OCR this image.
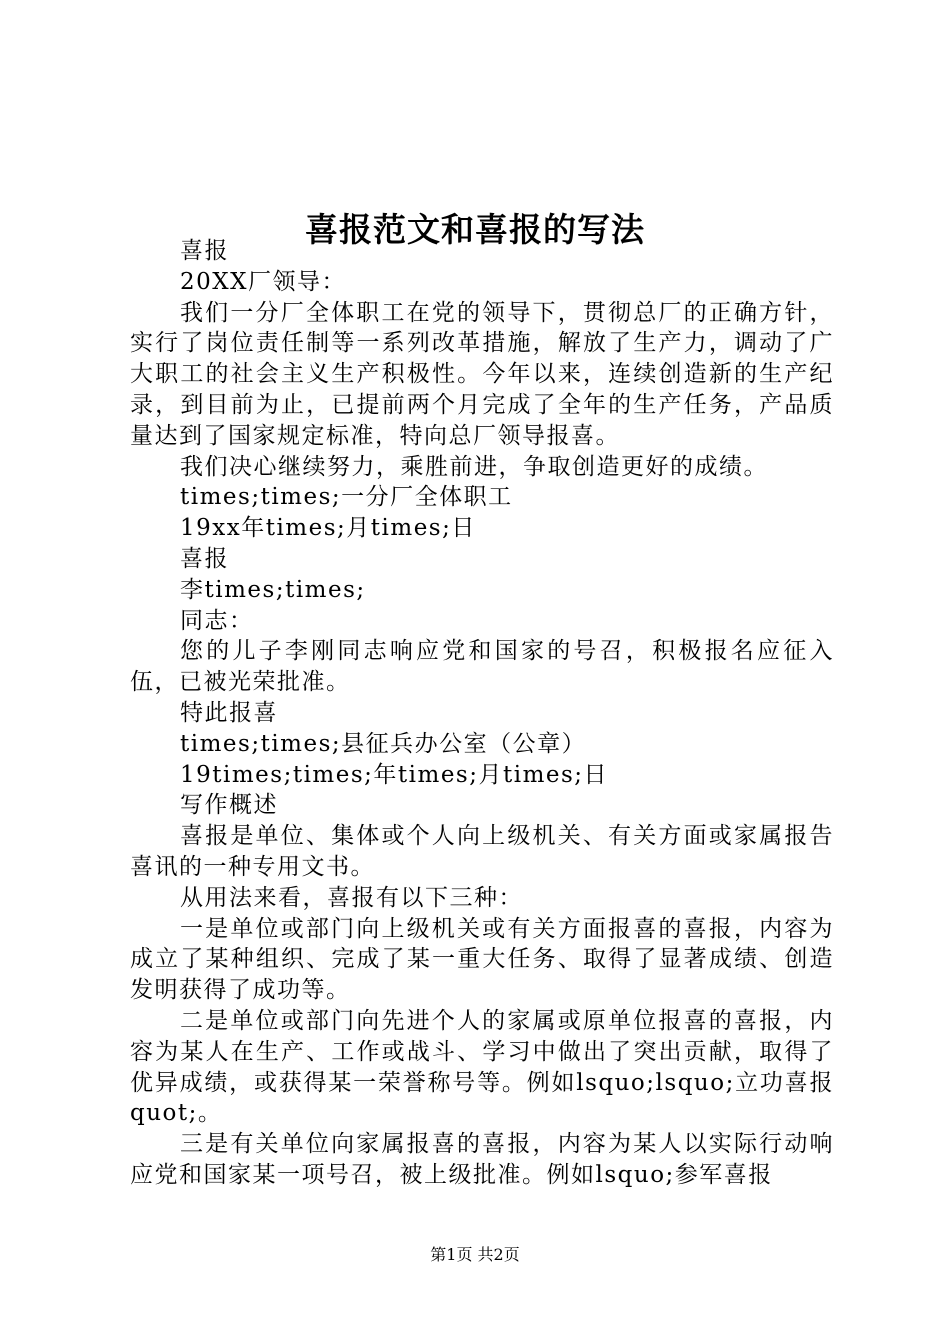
喜报范文和喜报的写法

喜报

20XX厂领导：

我们一分厂全体职工在党的领导下，贯彻总厂的正确方针，实行了岗位责任制等一系列改革措施，解放了生产力，调动了广大职工的社会主义生产积极性。今年以来，连续创造新的生产纪录，到目前为止，已提前两个月完成了全年的生产任务，产品质量达到了国家规定标准，特向总厂领导报喜。

我们决心继续努力，乘胜前进，争取创造更好的成绩。

times;times;一分厂全体职工

19xx年times;月times;日

喜报

李times;times;

同志：

您的儿子李刚同志响应党和国家的号召，积极报名应征入伍，已被光荣批准。

特此报喜

times;times;县征兵办公室（公章）

19times;times;年times;月times;日

写作概述

喜报是单位、集体或个人向上级机关、有关方面或家属报告喜讯的一种专用文书。

从用法来看，喜报有以下三种：

一是单位或部门向上级机关或有关方面报喜的喜报，内容为成立了某种组织、完成了某一重大任务、取得了显著成绩、创造发明获得了成功等。

二是单位或部门向先进个人的家属或原单位报喜的喜报，内容为某人在生产、工作或战斗、学习中做出了突出贡献，取得了优异成绩，或获得某一荣誉称号等。例如lsquo;lsquo;立功喜报quot;。

三是有关单位向家属报喜的喜报，内容为某人以实际行动响应党和国家某一项号召，被上级批准。例如lsquo;参军喜报

第1页 共2页
